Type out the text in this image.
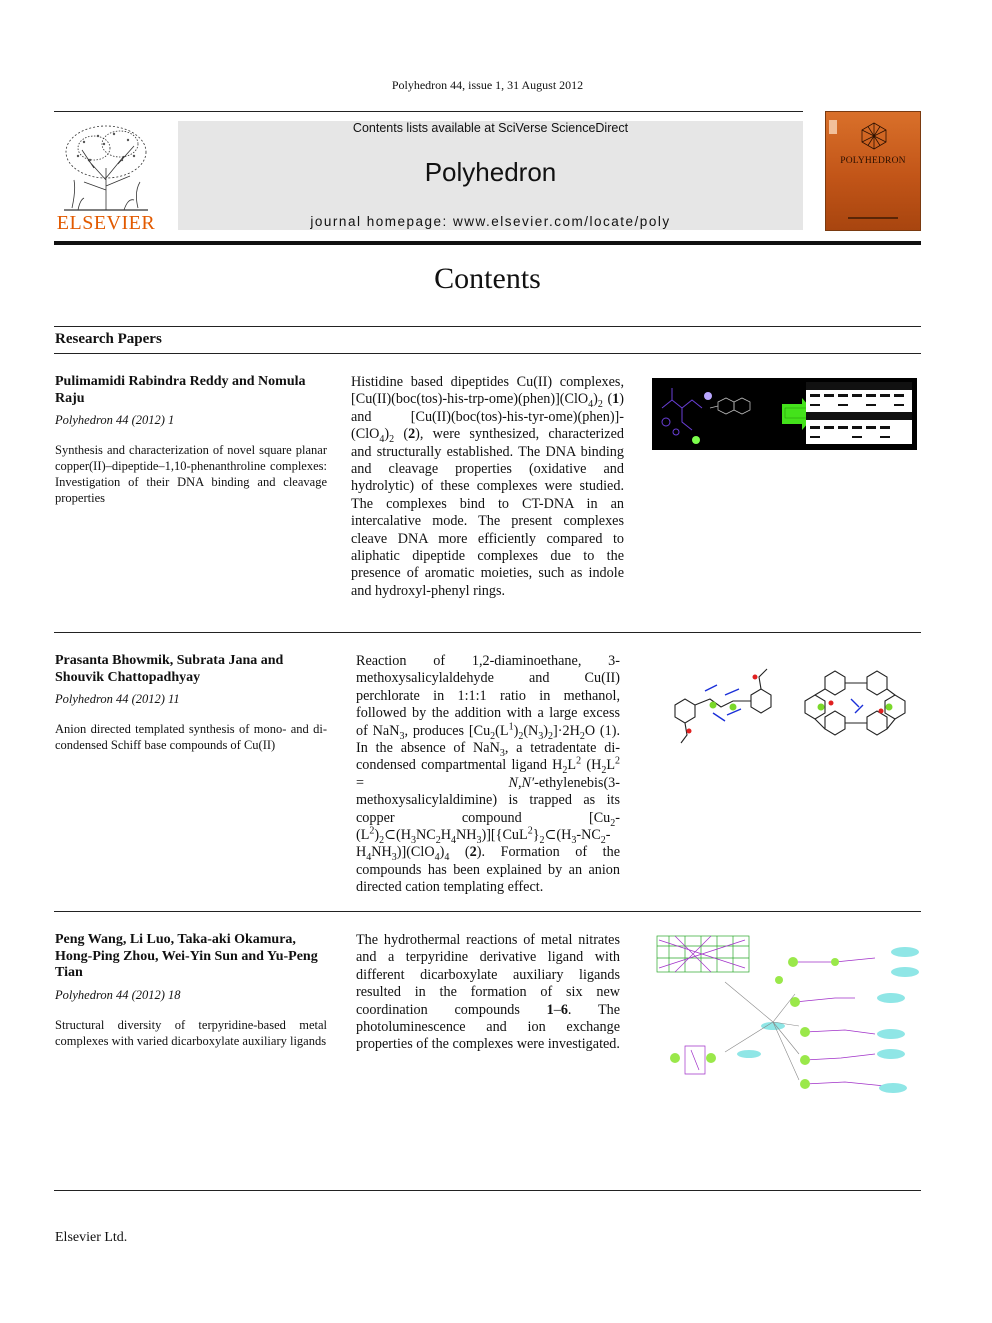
Polyhedron 44, issue 1, 31 August 2012
ELSEVIER
Contents lists available at SciVerse ScienceDirect
Polyhedron
journal homepage: www.elsevier.com/locate/poly
POLYHEDRON
Contents
Research Papers
Pulimamidi Rabindra Reddy and Nomula Raju
Polyhedron 44 (2012) 1
Synthesis and characterization of novel square planar copper(II)–dipeptide–1,10-phenanthroline complexes: Investigation of their DNA binding and cleavage properties
Histidine based dipeptides Cu(II) complexes, $[Cu(II)(boc(tos)-his-trp-ome)(phen)](ClO_4)_2$ (1) and $[Cu(II)(boc(tos)-his-tyr-ome)(phen)]-(ClO_4)_2$ (2), were synthesized, characterized and structurally established. The DNA binding and cleavage properties (oxidative and hydrolytic) of these complexes were studied. The complexes bind to CT-DNA in an intercalative mode. The present complexes cleave DNA more efficiently compared to aliphatic dipeptide complexes due to the presence of aromatic moieties, such as indole and hydroxyl-phenyl rings.
Prasanta Bhowmik, Subrata Jana and Shouvik Chattopadhyay
Polyhedron 44 (2012) 11
Anion directed templated synthesis of mono- and di-condensed Schiff base compounds of Cu(II)
Reaction of 1,2-diaminoethane, 3-methoxysalicylaldehyde and Cu(II) perchlorate in 1:1:1 ratio in methanol, followed by the addition with a large excess of NaN$_3$, produces $[Cu_2(L^1)_2(N_3)_2]\cdot 2H_2O$ (1). In the absence of NaN$_3$, a tetradentate di-condensed compartmental ligand $H_2L^2$ ($H_2L^2$ = N,N′-ethylenebis(3-methoxysalicylaldimine) is trapped as its copper compound $[Cu_2-(L^2)_2\subset(H_3NC_2H_4NH_3)][\{CuL^2\}_2\subset(H_3-NC_2-H_4NH_3)](ClO_4)_4$ (2). Formation of the compounds has been explained by an anion directed cation templating effect.
Peng Wang, Li Luo, Taka-aki Okamura, Hong-Ping Zhou, Wei-Yin Sun and Yu-Peng Tian
Polyhedron 44 (2012) 18
Structural diversity of terpyridine-based metal complexes with varied dicarboxylate auxiliary ligands
The hydrothermal reactions of metal nitrates and a terpyridine derivative ligand with different dicarboxylate auxiliary ligands resulted in the formation of six new coordination compounds 1–6. The photoluminescence and ion exchange properties of the complexes were investigated.
Elsevier Ltd.
